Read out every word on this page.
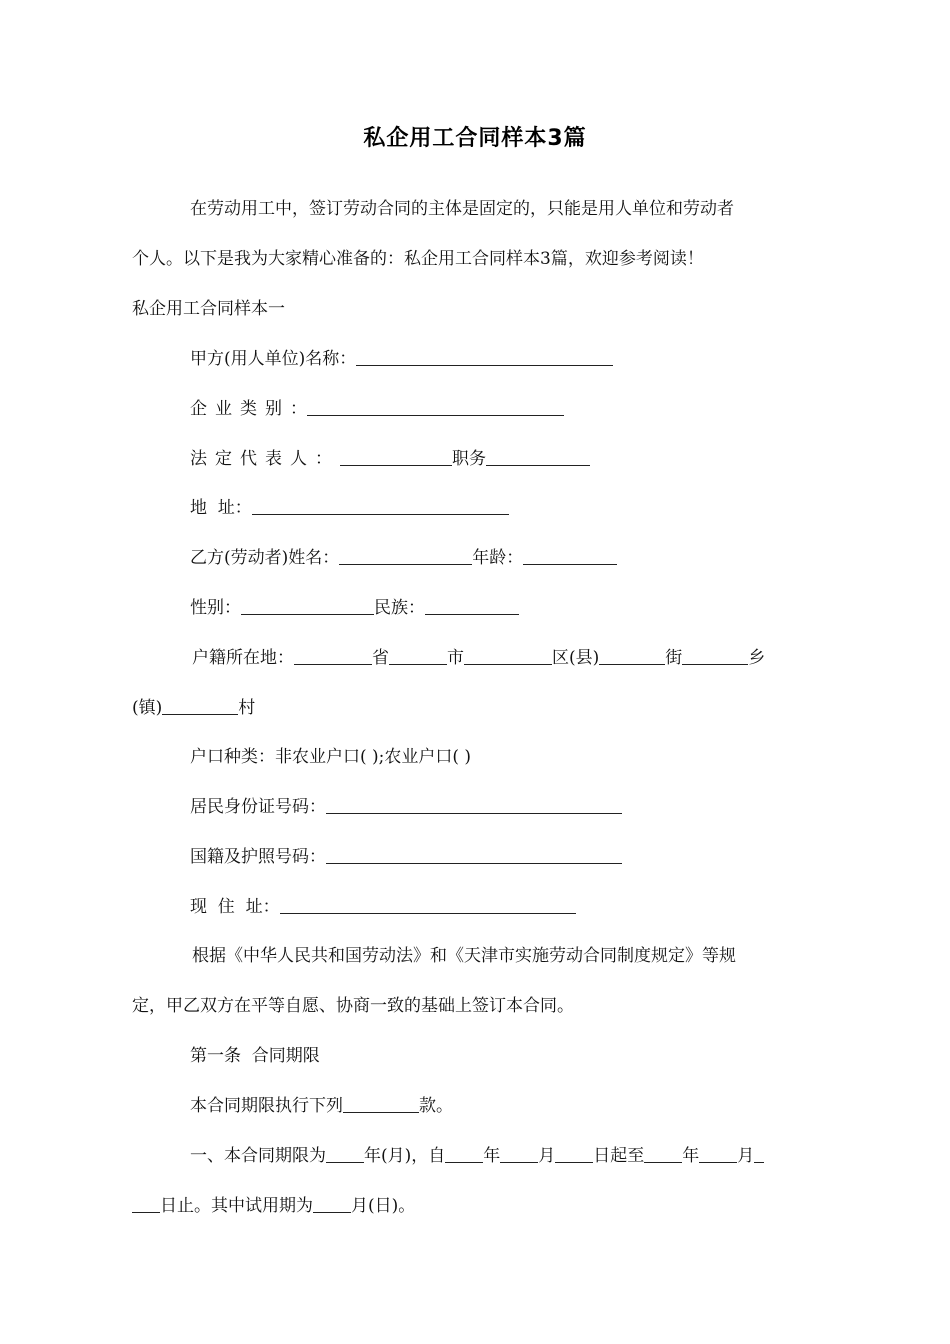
私企用工合同样本3篇
在劳动用工中，签订劳动合同的主体是固定的，只能是用人单位和劳动者
个人。以下是我为大家精心准备的：私企用工合同样本3篇，欢迎参考阅读！
私企用工合同样本一
甲方(用人单位)名称：
企业类别：
法定代表人：	职务
地  址：
乙方(劳动者)姓名：	年龄：
性别：	民族：
户籍所在地：	省	市	区(县)	街	乡
(镇)	村
户口种类：非农业户口( );农业户口( )
居民身份证号码：
国籍及护照号码：
现  住  址：
根据《中华人民共和国劳动法》和《天津市实施劳动合同制度规定》等规
定，甲乙双方在平等自愿、协商一致的基础上签订本合同。
第一条  合同期限
本合同期限执行下列	款。
一、本合同期限为 年(月)，自 年 月 日起至 年 月
日止。其中试用期为 月(日)。
